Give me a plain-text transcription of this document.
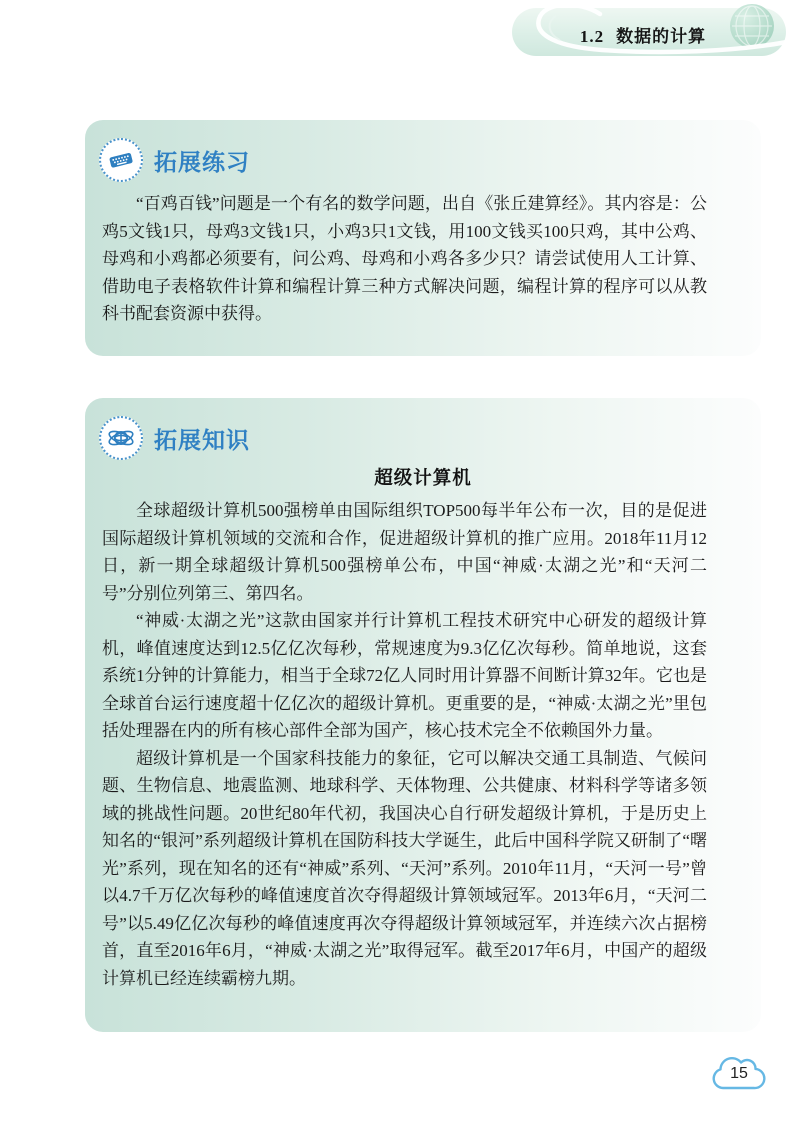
1.2 数据的计算
拓展练习

“百鸡百钱”问题是一个有名的数学问题，出自《张丘建算经》。其内容是：公鸡5文钱1只，母鸡3文钱1只，小鸡3只1文钱，用100文钱买100只鸡，其中公鸡、母鸡和小鸡都必须要有，问公鸡、母鸡和小鸡各多少只？请尝试使用人工计算、借助电子表格软件计算和编程计算三种方式解决问题，编程计算的程序可以从教科书配套资源中获得。

拓展知识
超级计算机

全球超级计算机500强榜单由国际组织TOP500每半年公布一次，目的是促进国际超级计算机领域的交流和合作，促进超级计算机的推广应用。2018年11月12日，新一期全球超级计算机500强榜单公布，中国“神威·太湖之光”和“天河二号”分别位列第三、第四名。

“神威·太湖之光”这款由国家并行计算机工程技术研究中心研发的超级计算机，峰值速度达到12.5亿亿次每秒，常规速度为9.3亿亿次每秒。简单地说，这套系统1分钟的计算能力，相当于全球72亿人同时用计算器不间断计算32年。它也是全球首台运行速度超十亿亿次的超级计算机。更重要的是，“神威·太湖之光”里包括处理器在内的所有核心部件全部为国产，核心技术完全不依赖国外力量。

超级计算机是一个国家科技能力的象征，它可以解决交通工具制造、气候问题、生物信息、地震监测、地球科学、天体物理、公共健康、材料科学等诸多领域的挑战性问题。20世纪80年代初，我国决心自行研发超级计算机，于是历史上知名的“银河”系列超级计算机在国防科技大学诞生，此后中国科学院又研制了“曙光”系列，现在知名的还有“神威”系列、“天河”系列。2010年11月，“天河一号”曾以4.7千万亿次每秒的峰值速度首次夺得超级计算领域冠军。2013年6月，“天河二号”以5.49亿亿次每秒的峰值速度再次夺得超级计算领域冠军，并连续六次占据榜首，直至2016年6月，“神威·太湖之光”取得冠军。截至2017年6月，中国产的超级计算机已经连续霸榜九期。

15
